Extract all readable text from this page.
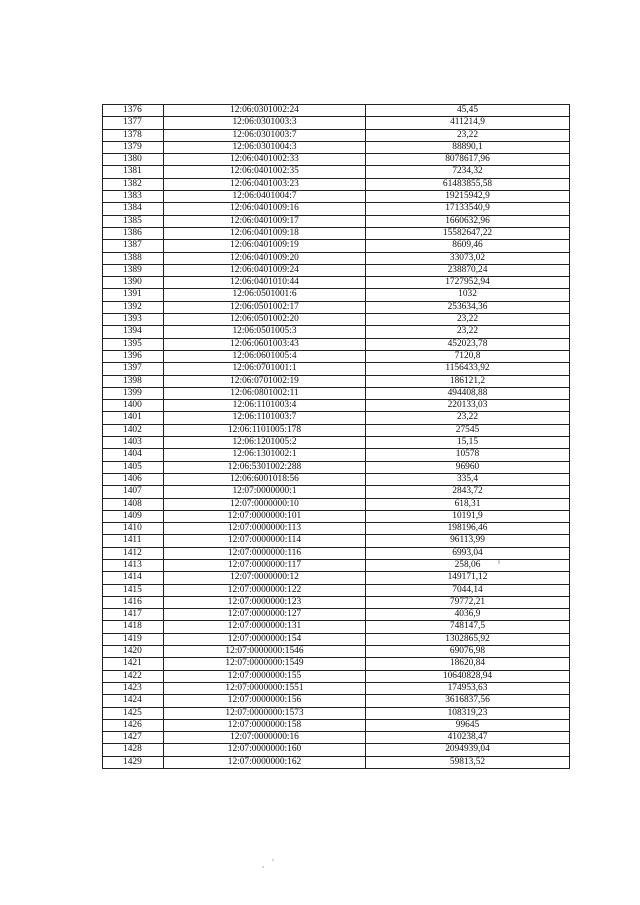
1376	12:06:0301002:24	45,45
1377	12:06:0301003:3	411214,9
1378	12:06:0301003:7	23,22
1379	12:06:0301004:3	88890,1
1380	12:06:0401002:33	8078617,96
1381	12:06:0401002:35	7234,32
1382	12:06:0401003:23	61483855,58
1383	12:06:0401004:7	19215942,9
1384	12:06:0401009:16	17133540,9
1385	12:06:0401009:17	1660632,96
1386	12:06:0401009:18	15582647,22
1387	12:06:0401009:19	8609,46
1388	12:06:0401009:20	33073,02
1389	12:06:0401009:24	238870,24
1390	12:06:0401010:44	1727952,94
1391	12:06:0501001:6	1032
1392	12:06:0501002:17	253634,36
1393	12:06:0501002:20	23,22
1394	12:06:0501005:3	23,22
1395	12:06:0601003:43	452023,78
1396	12:06:0601005:4	7120,8
1397	12:06:0701001:1	1156433,92
1398	12:06:0701002:19	186121,2
1399	12:06:0801002:11	494408,88
1400	12:06:1101003:4	220133,03
1401	12:06:1101003:7	23,22
1402	12:06:1101005:178	27545
1403	12:06:1201005:2	15,15
1404	12:06:1301002:1	10578
1405	12:06:5301002:288	96960
1406	12:06:6001018:56	335,4
1407	12:07:0000000:1	2843,72
1408	12:07:0000000:10	618,31
1409	12:07:0000000:101	10191,9
1410	12:07:0000000:113	198196,46
1411	12:07:0000000:114	96113,99
1412	12:07:0000000:116	6993,04
1413	12:07:0000000:117	258,06
1414	12:07:0000000:12	149171,12
1415	12:07:0000000:122	7044,14
1416	12:07:0000000:123	79772,21
1417	12:07:0000000:127	4036,9
1418	12:07:0000000:131	748147,5
1419	12:07:0000000:154	1302865,92
1420	12:07:0000000:1546	69076,98
1421	12:07:0000000:1549	18620,84
1422	12:07:0000000:155	10640828,94
1423	12:07:0000000:1551	174953,63
1424	12:07:0000000:156	3616837,56
1425	12:07:0000000:1573	108319,23
1426	12:07:0000000:158	99645
1427	12:07:0000000:16	410238,47
1428	12:07:0000000:160	2094939,04
1429	12:07:0000000:162	59813,52
